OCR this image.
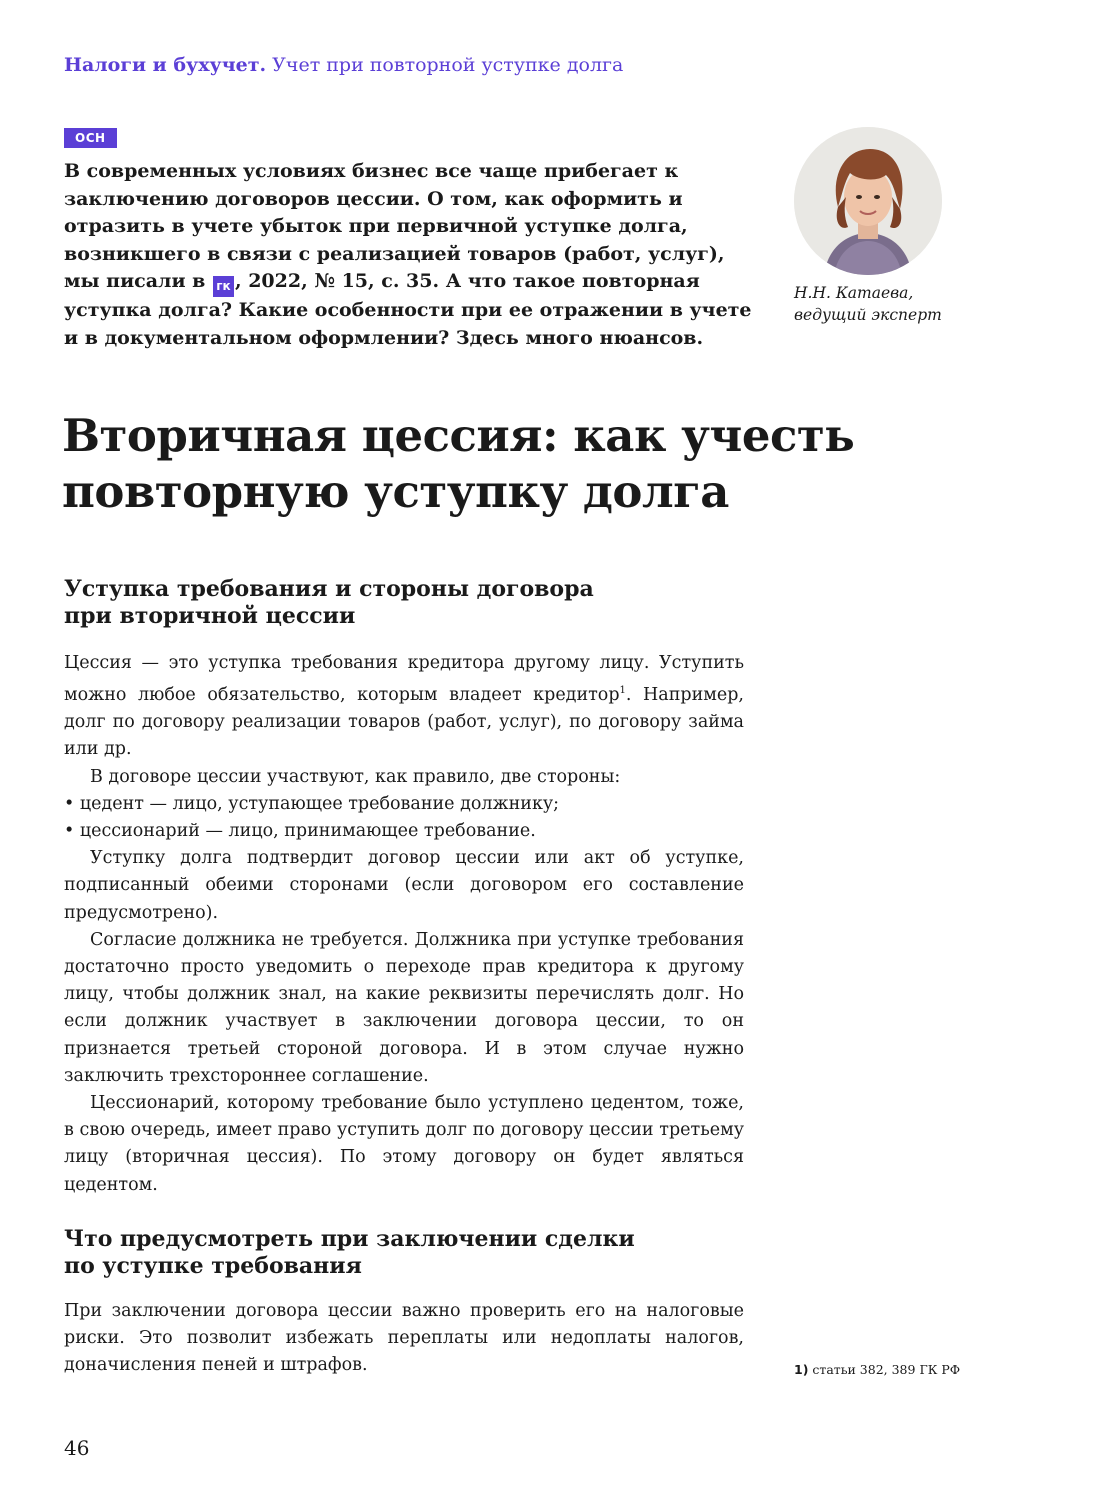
Налоги и бухучет. Учет при повторной уступке долга
ОСН
В современных условиях бизнес все чаще прибегает к заключению договоров цессии. О том, как оформить и отразить в учете убыток при первичной уступке долга, возникшего в связи с реализацией товаров (работ, услуг), мы писали в гк , 2022, № 15, с. 35. А что такое повторная уступка долга? Какие особенности при ее отражении в учете и в документальном оформлении? Здесь много нюансов.
Н.Н. Катаева,
ведущий эксперт
Вторичная цессия: как учесть
повторную уступку долга
Уступка требования и стороны договора
при вторичной цессии

Цессия — это уступка требования кредитора другому лицу. Уступить можно любое обязательство, которым владеет кредитор$^1$. Например, долг по договору реализации товаров (работ, услуг), по договору займа или др.

В договоре цессии участвуют, как правило, две стороны:

• цедент — лицо, уступающее требование должнику;

• цессионарий — лицо, принимающее требование.

Уступку долга подтвердит договор цессии или акт об уступке, подписанный обеими сторонами (если договором его составление предусмотрено).

Согласие должника не требуется. Должника при уступке требования достаточно просто уведомить о переходе прав кредитора к другому лицу, чтобы должник знал, на какие реквизиты перечислять долг. Но если должник участвует в заключении договора цессии, то он признается третьей стороной договора. И в этом случае нужно заключить трехстороннее соглашение.

Цессионарий, которому требование было уступлено цедентом, тоже, в свою очередь, имеет право уступить долг по договору цессии третьему лицу (вторичная цессия). По этому договору он будет являться цедентом.

Что предусмотреть при заключении сделки
по уступке требования

При заключении договора цессии важно проверить его на налоговые риски. Это позволит избежать переплаты или недоплаты налогов, доначисления пеней и штрафов.	1) статьи 382, 389 ГК РФ
46
